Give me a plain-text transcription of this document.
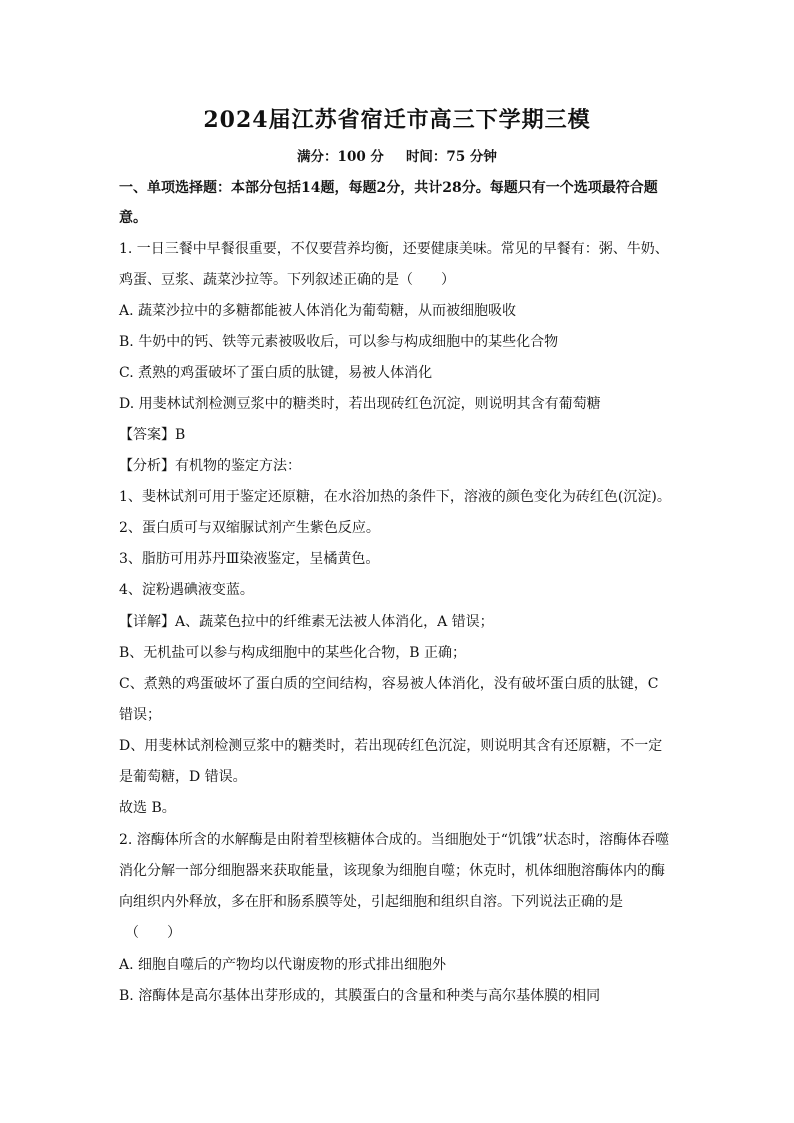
2024届江苏省宿迁市高三下学期三模
满分：100 分 时间：75 分钟
一、单项选择题：本部分包括14题，每题2分，共计28分。每题只有一个选项最符合题
意。
1. 一日三餐中早餐很重要，不仅要营养均衡，还要健康美味。常见的早餐有：粥、牛奶、
鸡蛋、豆浆、蔬菜沙拉等。下列叙述正确的是（　　）
A. 蔬菜沙拉中的多糖都能被人体消化为葡萄糖，从而被细胞吸收
B. 牛奶中的钙、铁等元素被吸收后，可以参与构成细胞中的某些化合物
C. 煮熟的鸡蛋破坏了蛋白质的肽键，易被人体消化
D. 用斐林试剂检测豆浆中的糖类时，若出现砖红色沉淀，则说明其含有葡萄糖
【答案】B
【分析】有机物的鉴定方法：
1、斐林试剂可用于鉴定还原糖，在水浴加热的条件下，溶液的颜色变化为砖红色(沉淀)。
2、蛋白质可与双缩脲试剂产生紫色反应。
3、脂肪可用苏丹Ⅲ染液鉴定，呈橘黄色。
4、淀粉遇碘液变蓝。
【详解】A、蔬菜色拉中的纤维素无法被人体消化，A 错误；
B、无机盐可以参与构成细胞中的某些化合物，B 正确；
C、煮熟的鸡蛋破坏了蛋白质的空间结构，容易被人体消化，没有破坏蛋白质的肽键，C
错误；
D、用斐林试剂检测豆浆中的糖类时，若出现砖红色沉淀，则说明其含有还原糖，不一定
是葡萄糖，D 错误。
故选 B。
2. 溶酶体所含的水解酶是由附着型核糖体合成的。当细胞处于“饥饿”状态时，溶酶体吞噬
消化分解一部分细胞器来获取能量，该现象为细胞自噬；休克时，机体细胞溶酶体内的酶
向组织内外释放，多在肝和肠系膜等处，引起细胞和组织自溶。下列说法正确的是
（　　）
A. 细胞自噬后的产物均以代谢废物的形式排出细胞外
B. 溶酶体是高尔基体出芽形成的，其膜蛋白的含量和种类与高尔基体膜的相同
